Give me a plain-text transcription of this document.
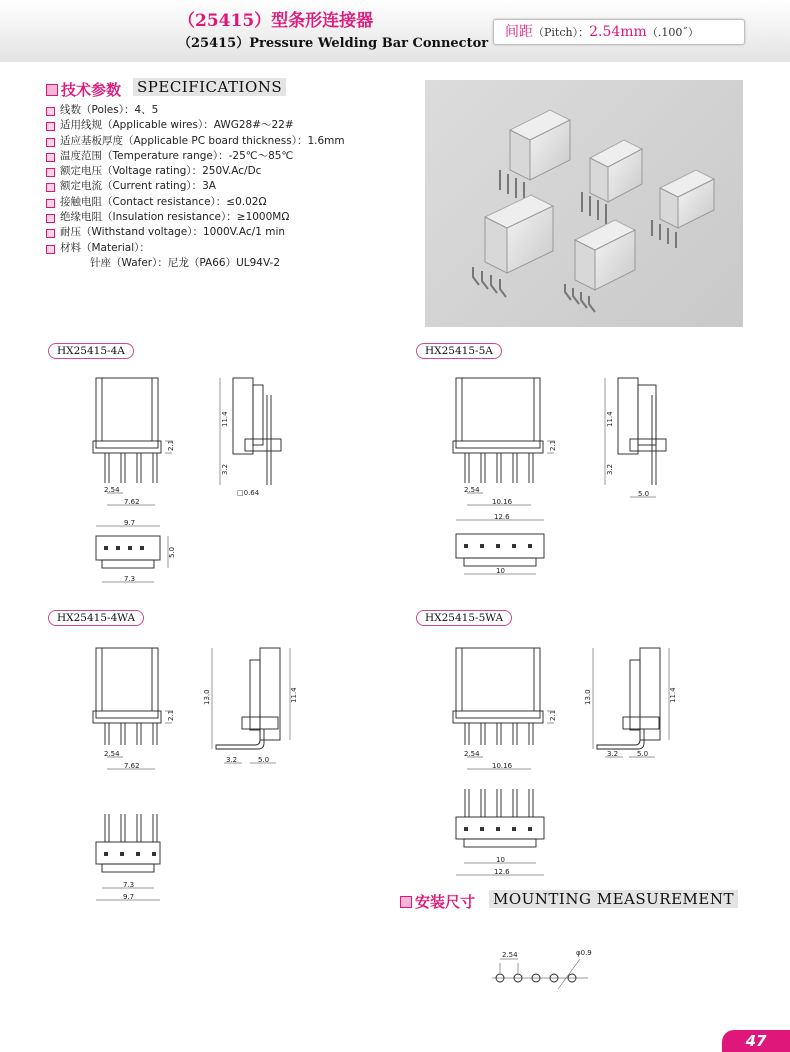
（25415）型条形连接器
（25415）Pressure Welding Bar Connector
间距（Pitch）：2.54mm（.100˝）
技术参数 SPECIFICATIONS
线数（Poles）：4、5
适用线规（Applicable wires）：AWG28#～22#
适应基板厚度（Applicable PC board thickness）：1.6mm
温度范围（Temperature range）：-25℃～85℃
额定电压（Voltage rating）：250V.Ac/Dc
额定电流（Current rating）：3A
接触电阻（Contact resistance）：≤0.02Ω
绝缘电阻（Insulation resistance）：≥1000MΩ
耐压（Withstand voltage）：1000V.Ac/1 min
材料（Material）：
针座（Wafer）：尼龙（PA66）UL94V-2
HX25415-4A	HX25415-5A
HX25415-4WA	HX25415-5WA
2.1
2.54
7.62
11.4
3.2
□0.64
9.7
5.0
7.3
2.1
2.54
10.16
11.4
3.2
5.0
12.6
10
2.1
2.54
7.62
13.0	11.4
3.2	5.0
7.3
9.7
2.1
2.54
10.16
13.0	11.4
3.2	5.0
10
12.6
安装尺寸 MOUNTING MEASUREMENT
2.54	φ0.9
47
